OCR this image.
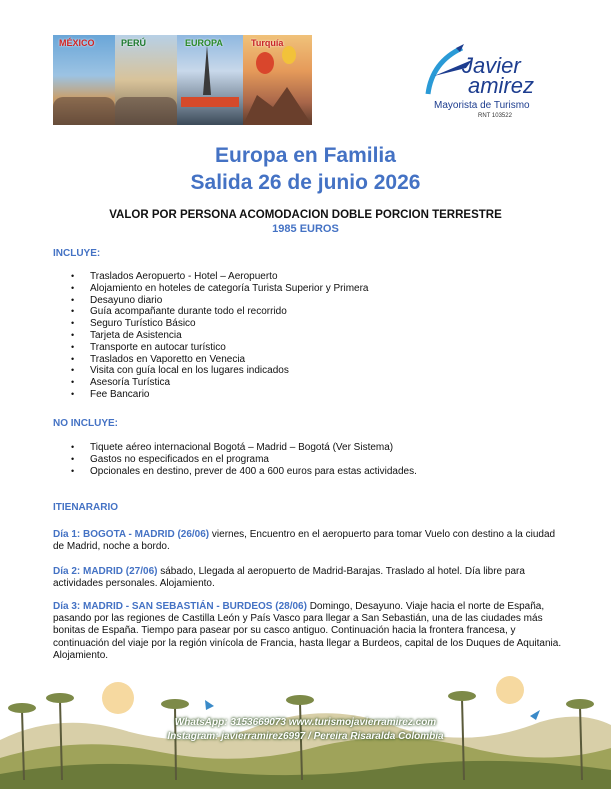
MÉXICO	PERÚ	EUROPA	Turquía
Javier
amirez
Mayorista de Turismo
RNT 103522
Europa en Familia
Salida 26 de junio 2026
VALOR POR PERSONA ACOMODACION DOBLE PORCION TERRESTRE
1985 EUROS
INCLUYE:
• Traslados Aeropuerto - Hotel – Aeropuerto
• Alojamiento en hoteles de categoría Turista Superior y Primera
• Desayuno diario
• Guía acompañante durante todo el recorrido
• Seguro Turístico Básico
• Tarjeta de Asistencia
• Transporte en autocar turístico
• Traslados en Vaporetto en Venecia
• Visita con guía local en los lugares indicados
• Asesoría Turística
• Fee Bancario
NO INCLUYE:
• Tiquete aéreo internacional Bogotá – Madrid – Bogotá (Ver Sistema)
• Gastos no especificados en el programa
• Opcionales en destino, prever de 400 a 600 euros para estas actividades.
ITIENARARIO
Día 1: BOGOTA - MADRID (26/06) viernes, Encuentro en el aeropuerto para tomar Vuelo con destino a la ciudad de Madrid, noche a bordo.
Día 2: MADRID (27/06) sábado, Llegada al aeropuerto de Madrid-Barajas. Traslado al hotel. Día libre para actividades personales. Alojamiento.
Día 3: MADRID - SAN SEBASTIÁN - BURDEOS (28/06) Domingo, Desayuno. Viaje hacia el norte de España, pasando por las regiones de Castilla León y País Vasco para llegar a San Sebastián, una de las ciudades más bonitas de España. Tiempo para pasear por su casco antiguo. Continuación hacia la frontera francesa, y continuación del viaje por la región vinícola de Francia, hasta llegar a Burdeos, capital de los Duques de Aquitania. Alojamiento.
WhatsApp: 3153669073 www.turismojavierramirez.com
Instagram: javierramirez6997 / Pereira Risaralda Colombia
